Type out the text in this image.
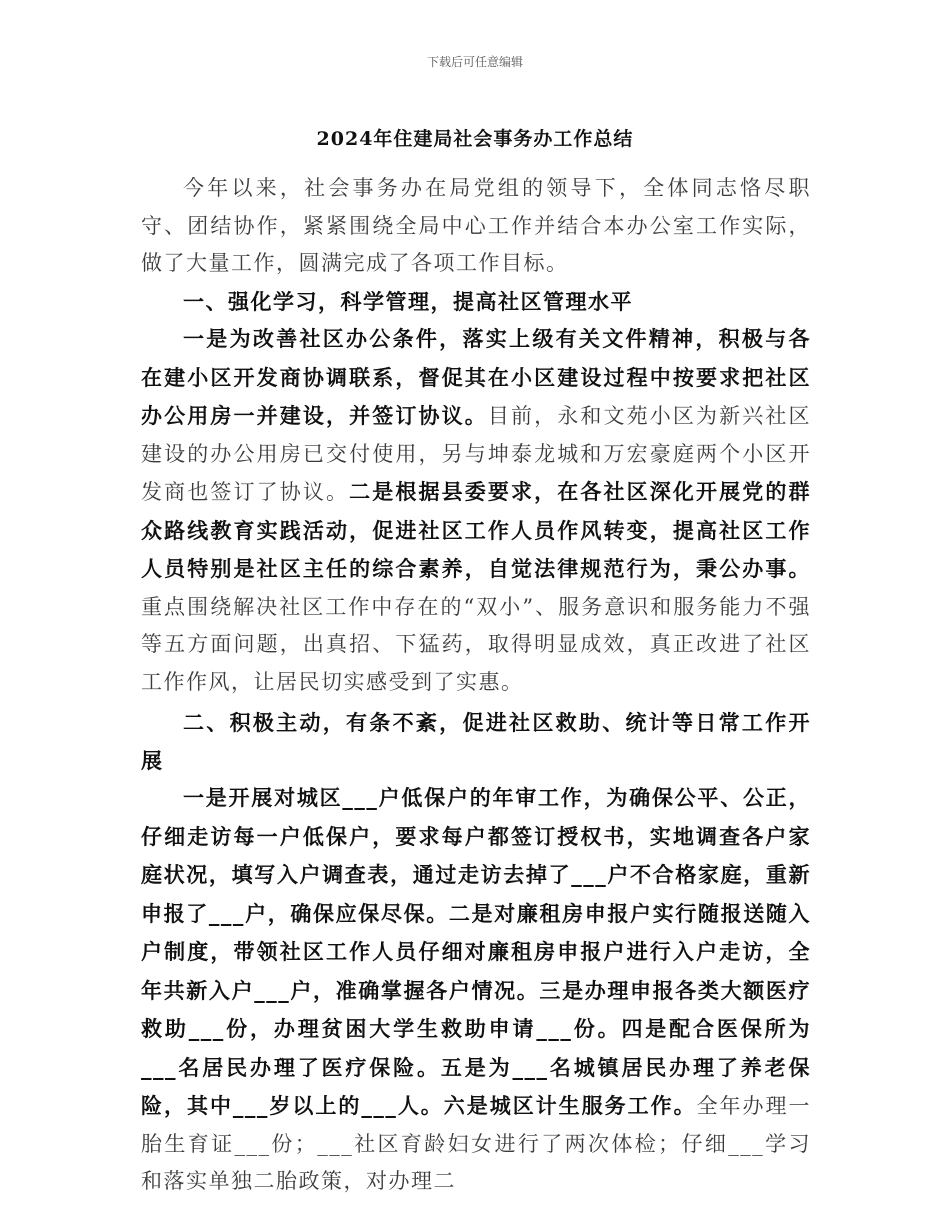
下载后可任意编辑
2024年住建局社会事务办工作总结

今年以来，社会事务办在局党组的领导下，全体同志恪尽职守、团结协作，紧紧围绕全局中心工作并结合本办公室工作实际，做了大量工作，圆满完成了各项工作目标。

一、强化学习，科学管理，提高社区管理水平

一是为改善社区办公条件，落实上级有关文件精神，积极与各在建小区开发商协调联系，督促其在小区建设过程中按要求把社区办公用房一并建设，并签订协议。目前，永和文苑小区为新兴社区建设的办公用房已交付使用，另与坤泰龙城和万宏豪庭两个小区开发商也签订了协议。二是根据县委要求，在各社区深化开展党的群众路线教育实践活动，促进社区工作人员作风转变，提高社区工作人员特别是社区主任的综合素养，自觉法律规范行为，秉公办事。重点围绕解决社区工作中存在的“双小”、服务意识和服务能力不强等五方面问题，出真招、下猛药，取得明显成效，真正改进了社区工作作风，让居民切实感受到了实惠。

二、积极主动，有条不紊，促进社区救助、统计等日常工作开展

一是开展对城区___户低保户的年审工作，为确保公平、公正，仔细走访每一户低保户，要求每户都签订授权书，实地调查各户家庭状况，填写入户调查表，通过走访去掉了___户不合格家庭，重新申报了___户，确保应保尽保。二是对廉租房申报户实行随报送随入户制度，带领社区工作人员仔细对廉租房申报户进行入户走访，全年共新入户___户，准确掌握各户情况。三是办理申报各类大额医疗救助___份，办理贫困大学生救助申请___份。四是配合医保所为___名居民办理了医疗保险。五是为___名城镇居民办理了养老保险，其中___岁以上的___人。六是城区计生服务工作。全年办理一胎生育证___份；___社区育龄妇女进行了两次体检；仔细___学习和落实单独二胎政策，对办理二
